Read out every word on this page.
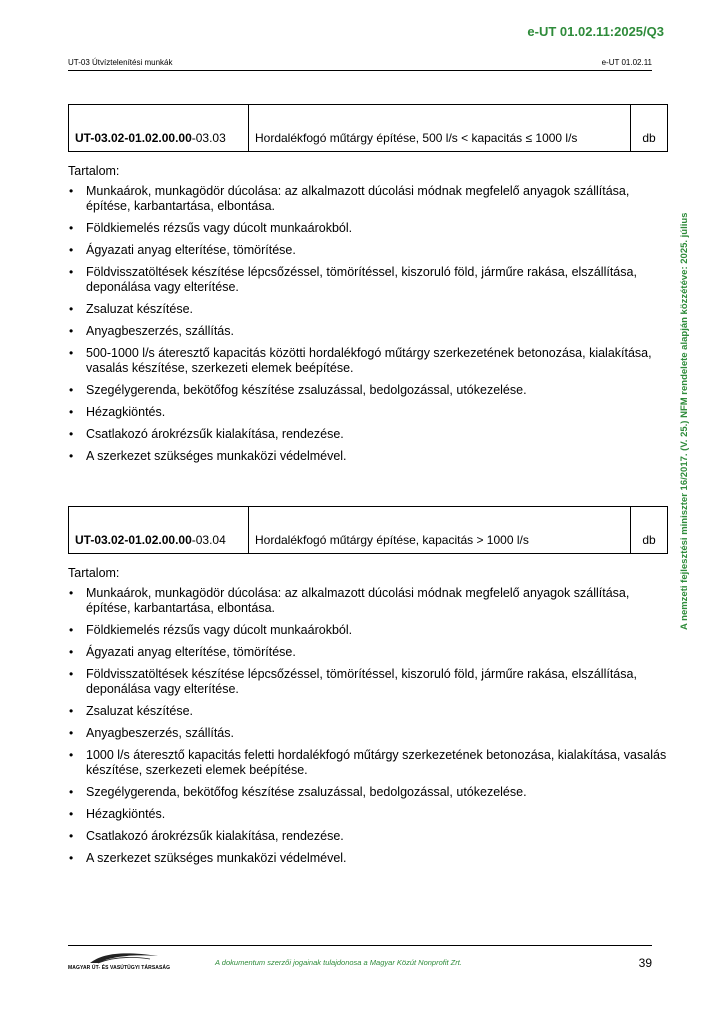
e-UT 01.02.11:2025/Q3
UT-03 Útvíztelenítési munkák	e-UT 01.02.11
A nemzeti fejlesztési miniszter 16/2017. (V. 25.) NFM rendelete alapján közzétéve: 2025. július
UT-03.02-01.02.00.00-03.03	Hordalékfogó műtárgy építése, 500 l/s < kapacitás ≤ 1000 l/s	db
Tartalom:
• Munkaárok, munkagödör dúcolása: az alkalmazott dúcolási módnak megfelelő anyagok szállítása, építése, karbantartása, elbontása.
• Földkiemelés rézsűs vagy dúcolt munkaárokból.
• Ágyazati anyag elterítése, tömörítése.
• Földvisszatöltések készítése lépcsőzéssel, tömörítéssel, kiszoruló föld, járműre rakása, elszállítása, deponálása vagy elterítése.
• Zsaluzat készítése.
• Anyagbeszerzés, szállítás.
• 500-1000 l/s áteresztő kapacitás közötti hordalékfogó műtárgy szerkezetének betonozása, kialakítása, vasalás készítése, szerkezeti elemek beépítése.
• Szegélygerenda, bekötőfog készítése zsaluzással, bedolgozással, utókezelése.
• Hézagkiöntés.
• Csatlakozó árokrézsűk kialakítása, rendezése.
• A szerkezet szükséges munkaközi védelmével.
UT-03.02-01.02.00.00-03.04	Hordalékfogó műtárgy építése, kapacitás > 1000 l/s	db
Tartalom:
• Munkaárok, munkagödör dúcolása: az alkalmazott dúcolási módnak megfelelő anyagok szállítása, építése, karbantartása, elbontása.
• Földkiemelés rézsűs vagy dúcolt munkaárokból.
• Ágyazati anyag elterítése, tömörítése.
• Földvisszatöltések készítése lépcsőzéssel, tömörítéssel, kiszoruló föld, járműre rakása, elszállítása, deponálása vagy elterítése.
• Zsaluzat készítése.
• Anyagbeszerzés, szállítás.
• 1000 l/s áteresztő kapacitás feletti hordalékfogó műtárgy szerkezetének betonozása, kialakítása, vasalás készítése, szerkezeti elemek beépítése.
• Szegélygerenda, bekötőfog készítése zsaluzással, bedolgozással, utókezelése.
• Hézagkiöntés.
• Csatlakozó árokrézsűk kialakítása, rendezése.
• A szerkezet szükséges munkaközi védelmével.
MAGYAR ÚT- ÉS VASÚTÜGYI TÁRSASÁG
A dokumentum szerzői jogainak tulajdonosa a Magyar Közút Nonprofit Zrt.	39
